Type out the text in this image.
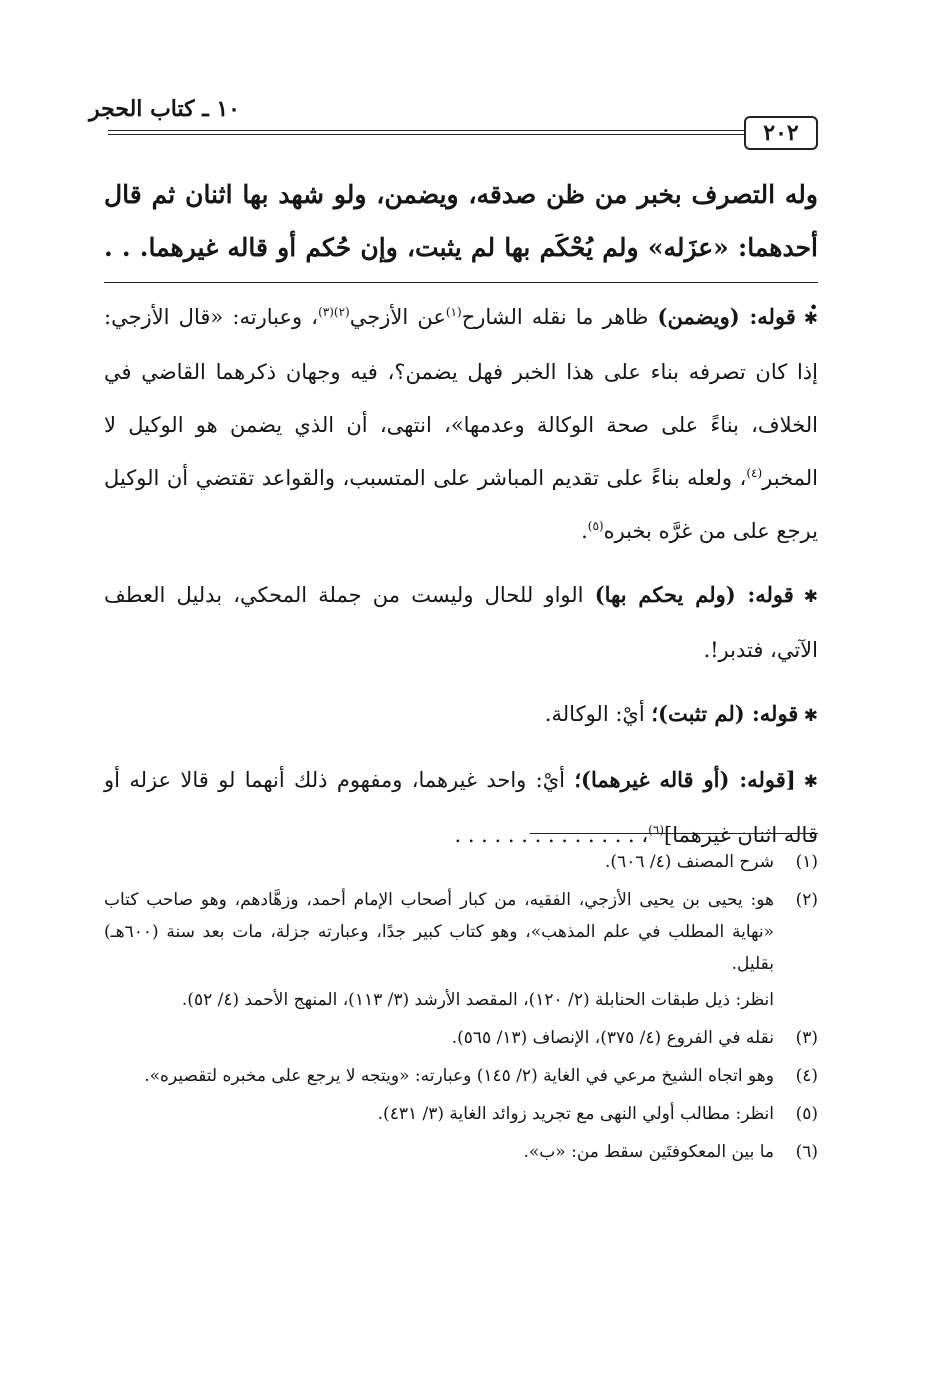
١٠ ـ كتاب الحجر
٢٠٢
وله التصرف بخبر من ظن صدقه، ويضمن، ولو شهد بها اثنان ثم قال أحدهما: «عزَله» ولم يُحْكَم بها لم يثبت، وإن حُكم أو قاله غيرهما. . . .

✱ قوله: (ويضمن) ظاهر ما نقله الشارح$^{(١)}$عن الأزجي$^{(٢)(٣)}$، وعبارته: «قال الأزجي: إذا كان تصرفه بناء على هذا الخبر فهل يضمن؟، فيه وجهان ذكرهما القاضي في الخلاف، بناءً على صحة الوكالة وعدمها»، انتهى، أن الذي يضمن هو الوكيل لا المخبر$^{(٤)}$، ولعله بناءً على تقديم المباشر على المتسبب، والقواعد تقتضي أن الوكيل يرجع على من غرَّه بخبره$^{(٥)}$.

✱ قوله: (ولم يحكم بها) الواو للحال وليست من جملة المحكي، بدليل العطف الآتي، فتدبر!.

✱ قوله: (لم تثبت)؛ أيْ: الوكالة.

✱ [قوله: (أو قاله غيرهما)؛ أيْ: واحد غيرهما، ومفهوم ذلك أنهما لو قالا عزله أو قاله اثنان غيرهما]$^{(٦)}$، . . . . . . . . . . . . . .

(١)

شرح المصنف (٤/ ٦٠٦).

(٢)

هو: يحيى بن يحيى الأزجي، الفقيه، من كبار أصحاب الإمام أحمد، وزهَّادهم، وهو صاحب كتاب «نهاية المطلب في علم المذهب»، وهو كتاب كبير جدًا، وعبارته جزلة، مات بعد سنة (٦٠٠هـ) بقليل.

انظر: ذيل طبقات الحنابلة (٢/ ١٢٠)، المقصد الأرشد (٣/ ١١٣)، المنهج الأحمد (٤/ ٥٢).

(٣)

نقله في الفروع (٤/ ٣٧٥)، الإنصاف (١٣/ ٥٦٥).

(٤)

وهو اتجاه الشيخ مرعي في الغاية (٢/ ١٤٥) وعبارته: «ويتجه لا يرجع على مخبره لتقصيره».

(٥)

انظر: مطالب أولي النهى مع تجريد زوائد الغاية (٣/ ٤٣١).

(٦)

ما بين المعكوفتَين سقط من: «ب».
